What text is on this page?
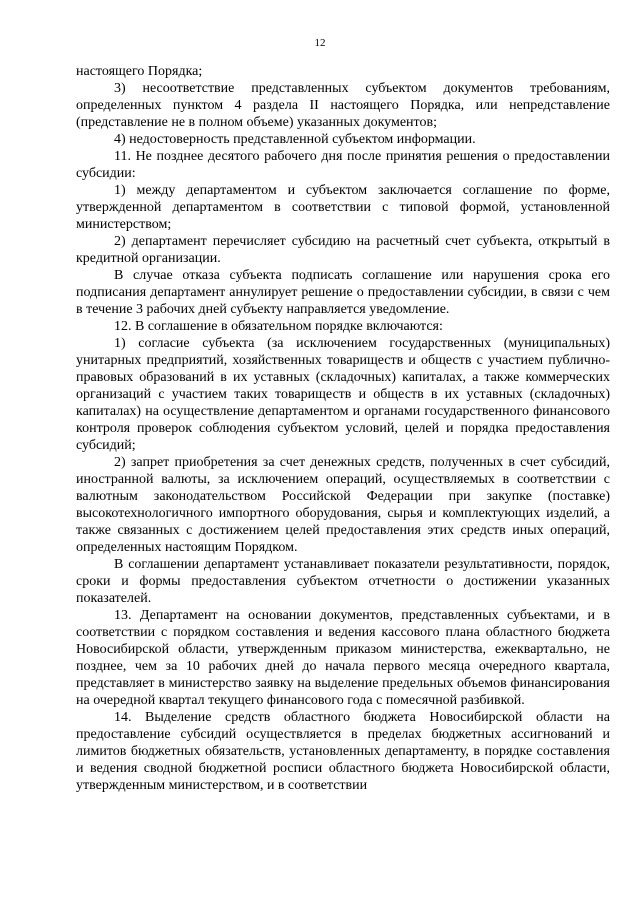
12

настоящего Порядка;

3) несоответствие представленных субъектом документов требованиям, определенных пунктом 4 раздела II настоящего Порядка, или непредставление (представление не в полном объеме) указанных документов;

4) недостоверность представленной субъектом информации.

11. Не позднее десятого рабочего дня после принятия решения о предоставлении субсидии:

1) между департаментом и субъектом заключается соглашение по форме, утвержденной департаментом в соответствии с типовой формой, установленной министерством;

2) департамент перечисляет субсидию на расчетный счет субъекта, открытый в кредитной организации.

В случае отказа субъекта подписать соглашение или нарушения срока его подписания департамент аннулирует решение о предоставлении субсидии, в связи с чем в течение 3 рабочих дней субъекту направляется уведомление.

12. В соглашение в обязательном порядке включаются:

1) согласие субъекта (за исключением государственных (муниципальных) унитарных предприятий, хозяйственных товариществ и обществ с участием публично-правовых образований в их уставных (складочных) капиталах, а также коммерческих организаций с участием таких товариществ и обществ в их уставных (складочных) капиталах) на осуществление департаментом и органами государственного финансового контроля проверок соблюдения субъектом условий, целей и порядка предоставления субсидий;

2) запрет приобретения за счет денежных средств, полученных в счет субсидий, иностранной валюты, за исключением операций, осуществляемых в соответствии с валютным законодательством Российской Федерации при закупке (поставке) высокотехнологичного импортного оборудования, сырья и комплектующих изделий, а также связанных с достижением целей предоставления этих средств иных операций, определенных настоящим Порядком.

В соглашении департамент устанавливает показатели результативности, порядок, сроки и формы предоставления субъектом отчетности о достижении указанных показателей.

13. Департамент на основании документов, представленных субъектами, и в соответствии с порядком составления и ведения кассового плана областного бюджета Новосибирской области, утвержденным приказом министерства, ежеквартально, не позднее, чем за 10 рабочих дней до начала первого месяца очередного квартала, представляет в министерство заявку на выделение предельных объемов финансирования на очередной квартал текущего финансового года с помесячной разбивкой.

14. Выделение средств областного бюджета Новосибирской области на предоставление субсидий осуществляется в пределах бюджетных ассигнований и лимитов бюджетных обязательств, установленных департаменту, в порядке составления и ведения сводной бюджетной росписи областного бюджета Новосибирской области, утвержденным министерством, и в соответствии
